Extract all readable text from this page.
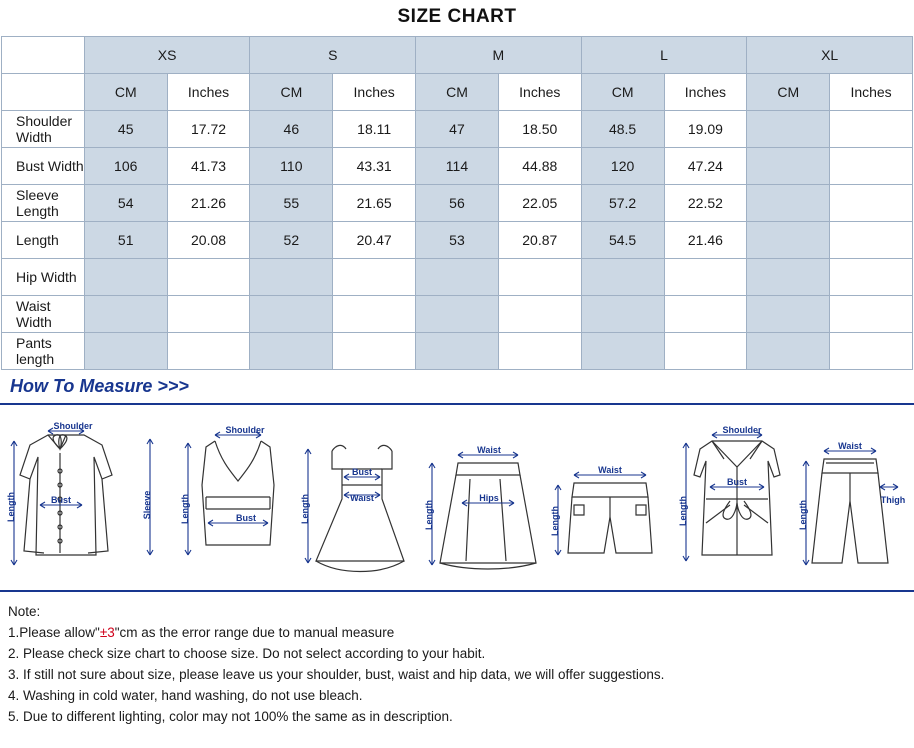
SIZE CHART
	XS		S		M		L		XL	
	CM	Inches	CM	Inches	CM	Inches	CM	Inches	CM	Inches
Shoulder Width	45	17.72	46	18.11	47	18.50	48.5	19.09		
Bust Width	106	41.73	110	43.31	114	44.88	120	47.24		
Sleeve Length	54	21.26	55	21.65	56	22.05	57.2	22.52		
Length	51	20.08	52	20.47	53	20.87	54.5	21.46		
Hip Width										
Waist Width										
Pants length										
How To Measure >>>
Shoulder
Bust
Length	Sleeve
Shoulder
Bust
Length
Bust
Waist
Length
Waist
Hips
Length
Waist
Length
Shoulder
Bust
Length
Waist
Thigh
Length
Note:
1.Please allow"±3"cm as the error range due to manual measure
2. Please check size chart to choose size. Do not select according to your habit.
3. If still not sure about size, please leave us your shoulder, bust, waist and hip data, we will offer suggestions.
4. Washing in cold water, hand washing, do not use bleach.
5. Due to different lighting, color may not 100% the same as in description.
